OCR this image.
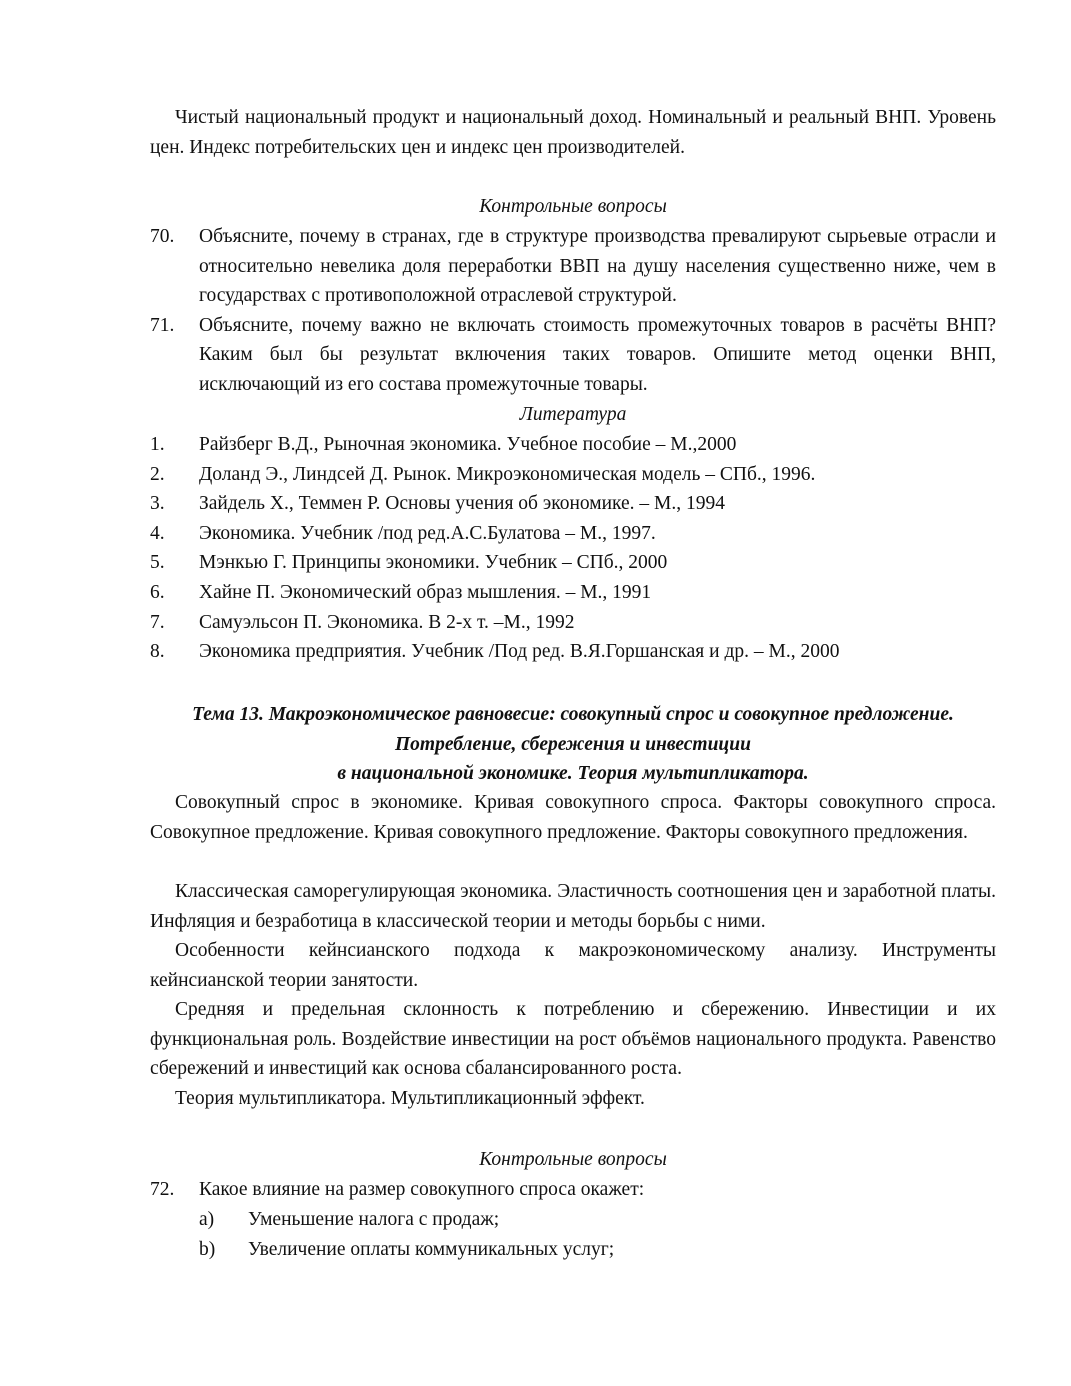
Чистый национальный продукт и национальный доход. Номинальный и реальный ВНП. Уровень цен. Индекс потребительских цен и индекс цен производителей.

Контрольные вопросы

70. Объясните, почему в странах, где в структуре производства превалируют сырьевые отрасли и относительно невелика доля переработки ВВП на душу населения существенно ниже, чем в государствах с противоположной отраслевой структурой.
71. Объясните, почему важно не включать стоимость промежуточных товаров в расчёты ВНП? Каким был бы результат включения таких товаров. Опишите метод оценки ВНП, исключающий из его состава промежуточные товары.

Литература

1. Райзберг В.Д., Рыночная экономика. Учебное пособие – М.,2000
2. Доланд Э., Линдсей Д. Рынок. Микроэкономическая модель – СПб., 1996.
3. Зайдель Х., Теммен Р. Основы учения об экономике. – М., 1994
4. Экономика. Учебник /под ред.А.С.Булатова – М., 1997.
5. Мэнкью Г. Принципы экономики. Учебник – СПб., 2000
6. Хайне П. Экономический образ мышления. – М., 1991
7. Самуэльсон П. Экономика. В 2-х т. –М., 1992
8. Экономика предприятия. Учебник /Под ред. В.Я.Горшанская и др. – М., 2000
Тема 13. Макроэкономическое равновесие: совокупный спрос и совокупное предложение.
Потребление, сбережения и инвестиции
в национальной экономике. Теория мультипликатора.

Совокупный спрос в экономике. Кривая совокупного спроса. Факторы совокупного спроса. Совокупное предложение. Кривая совокупного предложение. Факторы совокупного предложения.

Классическая саморегулирующая экономика. Эластичность соотношения цен и заработной платы. Инфляция и безработица в классической теории и методы борьбы с ними.

Особенности кейнсианского подхода к макроэкономическому анализу. Инструменты кейнсианской теории занятости.

Средняя и предельная склонность к потреблению и сбережению. Инвестиции и их функциональная роль. Воздействие инвестиции на рост объёмов национального продукта. Равенство сбережений и инвестиций как основа сбалансированного роста.

Теория мультипликатора. Мультипликационный эффект.

Контрольные вопросы

72. Какое влияние на размер совокупного спроса окажет:
a) Уменьшение налога с продаж;
b) Увеличение оплаты коммуникальных услуг;
